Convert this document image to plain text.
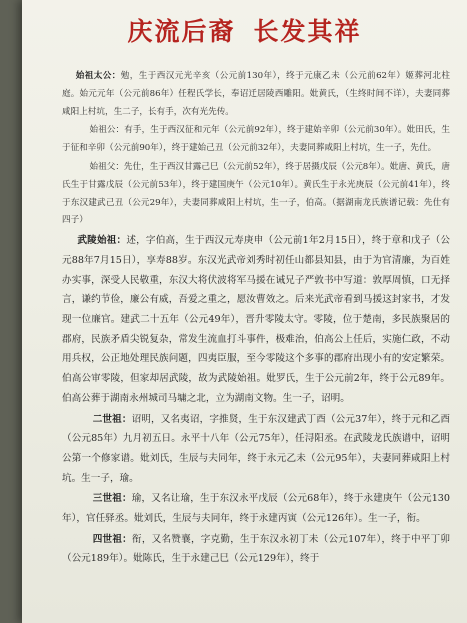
庆流后裔 长发其祥

始祖太公：勉，生于西汉元光辛亥（公元前130年），终于元康乙未（公元前62年）姬葬河北柱庭。始元元年（公元前86年）任程氏学长，奉诏迁居陵西雕阳。妣黄氏，（生终时间不详），夫妻同葬咸阳上村坑，生二子，长有手，次有光先传。

始祖公：有手，生于西汉征和元年（公元前92年），终于建始辛卯（公元前30年）。妣田氏，生于征和辛卯（公元前90年），终于建始己丑（公元前32年），夫妻同葬咸阳上村坑，生一子，先仕。

始祖父：先仕，生于西汉甘露己巳（公元前52年），终于居摄戊辰（公元8年）。妣唐、黄氏，唐氏生于甘露戊辰（公元前53年），终于建国庚午（公元10年）。黄氏生于永光庚辰（公元前41年），终于东汉建武己丑（公元29年），夫妻同葬咸阳上村坑，生一子，伯高。（据湖南龙氏族谱记载：先仕有四子）

武陵始祖：述，字伯高，生于西汉元寿庚申（公元前1年2月15日），终于章和戊子（公元88年7月15日），享寿88岁。东汉光武帝刘秀时初任山都县知县，由于为官清廉，为百姓办实事，深受人民敬重，东汉大将伏波将军马援在诫兄子严敦书中写道：敦厚周慎，口无择言，谦约节俭，廉公有威，吾爱之重之，愿汝曹效之。后来光武帝看到马援这封家书，才发现一位廉官。建武二十五年（公元49年），晋升零陵太守。零陵，位于楚南，多民族聚居的郡府，民族矛盾尖锐复杂，常发生流血打斗事件，极难治，伯高公上任后，实施仁政，不动用兵权，公正地处理民族问题，四夷臣服，至今零陵这个多事的郡府出现小有的安定繁荣。伯高公审零陵，但家却居武陵，故为武陵始祖。妣罗氏，生于公元前2年，终于公元89年。伯高公葬于湖南永州城司马墉之北，立为湖南文物。生一子，诏明。

二世祖：诏明，又名夷诏，字推贤，生于东汉建武丁酉（公元37年），终于元和乙酉（公元85年）九月初五日。永平十八年（公元75年），任浔阳丞。在武陵龙氏族谱中，诏明公第一个修家谱。妣刘氏，生辰与夫同年，终于永元乙未（公元95年），夫妻同葬咸阳上村坑。生一子，瑜。

三世祖：瑜，又名让瑜，生于东汉永平戊辰（公元68年），终于永建庚午（公元130年），官任驿丞。妣刘氏，生辰与夫同年，终于永建丙寅（公元126年）。生一子，衔。

四世祖：衔，又名赞襄，字克勤，生于东汉永初丁未（公元107年），终于中平丁卯（公元189年）。妣陈氏，生于永建己巳（公元129年），终于
